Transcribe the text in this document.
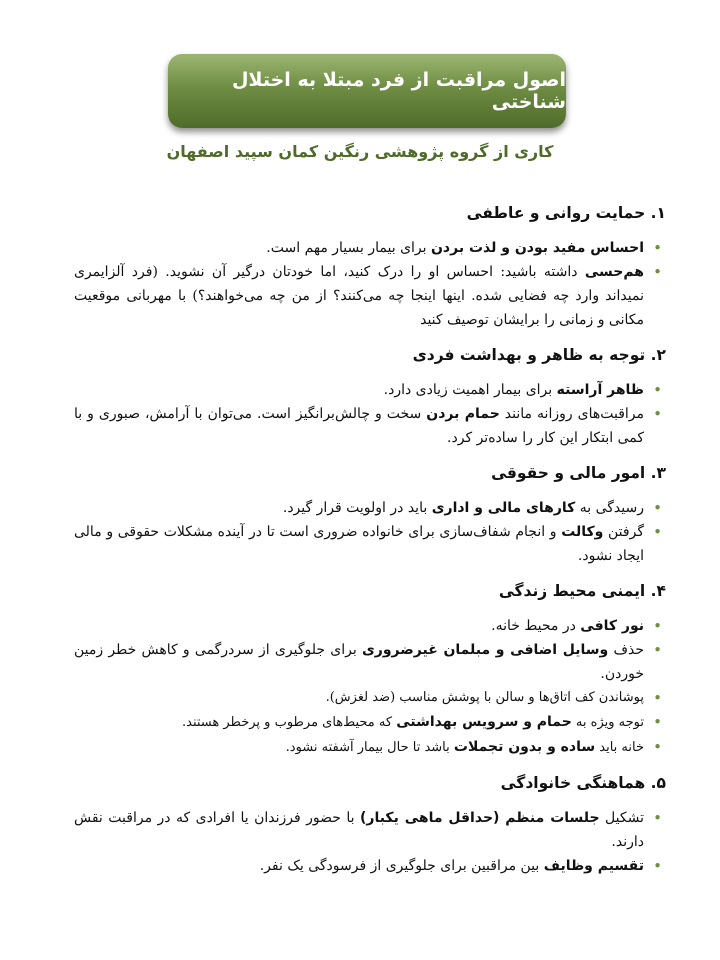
اصول مراقبت از فرد مبتلا به اختلال شناختی
کاری از گروه پژوهشی رنگین کمان سپید اصفهان
۱. حمایت روانی و عاطفی
• احساس مفید بودن و لذت بردن برای بیمار بسیار مهم است.
• هم‌حسی داشته باشید: احساس او را درک کنید، اما خودتان درگیر آن نشوید. (فرد آلزایمری نمیداند وارد چه فضایی شده. اینها اینجا چه می‌کنند؟ از من چه می‌خواهند؟) با مهربانی موقعیت مکانی و زمانی را برایشان توصیف کنید
۲. توجه به ظاهر و بهداشت فردی
• ظاهر آراسته برای بیمار اهمیت زیادی دارد.
• مراقبت‌های روزانه مانند حمام بردن سخت و چالش‌برانگیز است. می‌توان با آرامش، صبوری و با کمی ابتکار این کار را ساده‌تر کرد.
۳. امور مالی و حقوقی
• رسیدگی به کارهای مالی و اداری باید در اولویت قرار گیرد.
• گرفتن وکالت و انجام شفاف‌سازی برای خانواده ضروری است تا در آینده مشکلات حقوقی و مالی ایجاد نشود.
۴. ایمنی محیط زندگی
• نور کافی در محیط خانه.
• حذف وسایل اضافی و مبلمان غیرضروری برای جلوگیری از سردرگمی و کاهش خطر زمین خوردن.
• پوشاندن کف اتاق‌ها و سالن با پوشش مناسب (ضد لغزش).
• توجه ویژه به حمام و سرویس بهداشتی که محیط‌های مرطوب و پرخطر هستند.
• خانه باید ساده و بدون تجملات باشد تا حال بیمار آشفته نشود.
۵. هماهنگی خانوادگی
• تشکیل جلسات منظم (حداقل ماهی یکبار) با حضور فرزندان یا افرادی که در مراقبت نقش دارند.
• تقسیم وظایف بین مراقبین برای جلوگیری از فرسودگی یک نفر.
